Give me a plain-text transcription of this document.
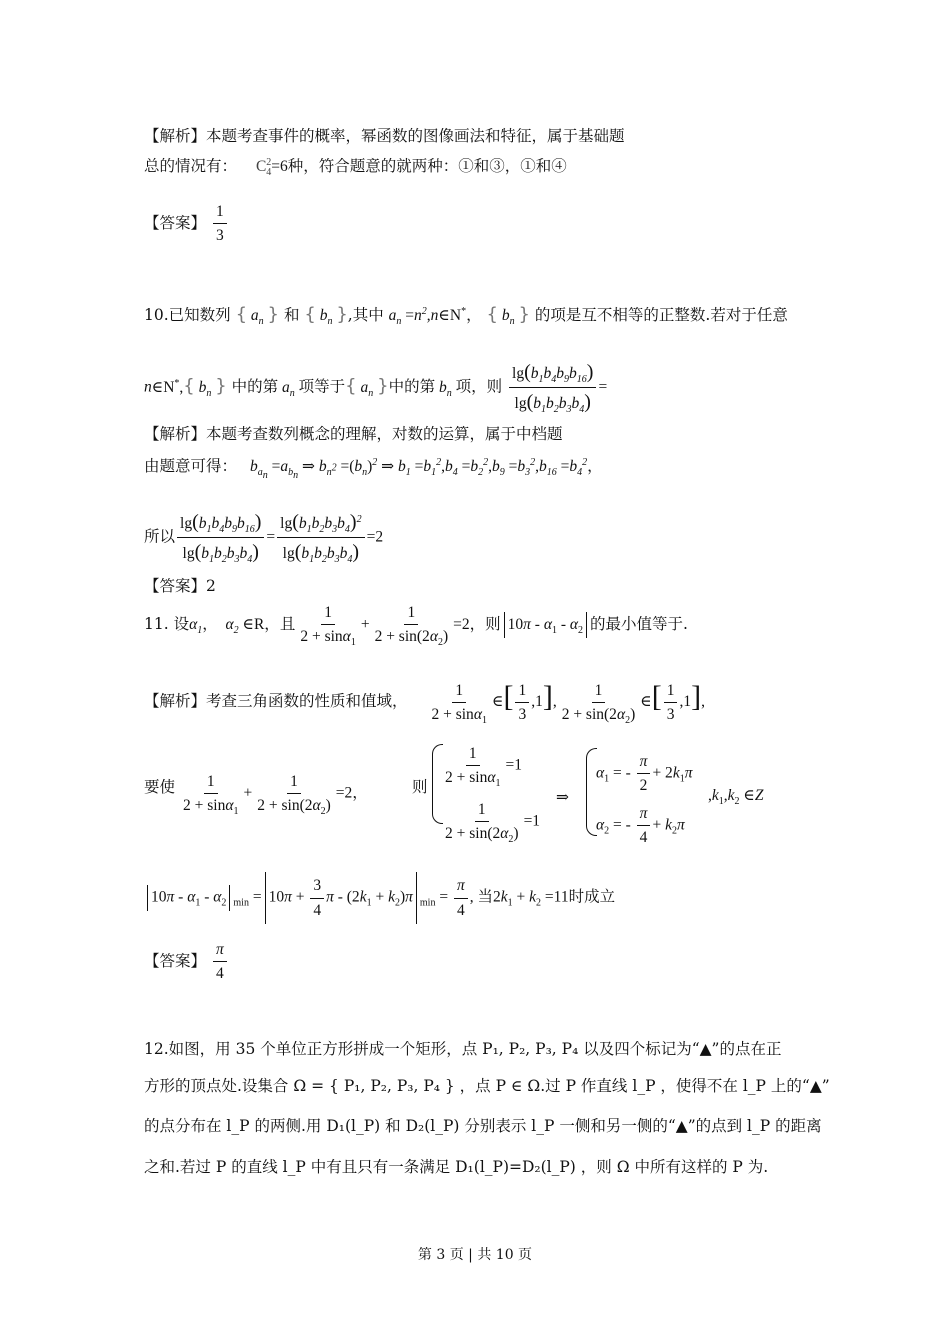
【解析】本题考查事件的概率，幂函数的图像画法和特征，属于基础题
总的情况有： $C^2_4=6$种，符合题意的就两种：①和③，①和④
【答案】 $\frac{1}{3}$
10.已知数列 { $a_n$ } 和 { $b_n$ },其中 $a_n$ $=n^2,n\in N^*$， { $b_n$ } 的项是互不相等的正整数.若对于任意
n∈N*,{ $b_n$ } 中的第 $a_n$ 项等于{ $a_n$ }中的第 $b_n$ 项，则 $\frac{\lg(b_1b_4b_9b_{16})}{\lg(b_1b_2b_3b_4)}$ =
【解析】本题考查数列概念的理解，对数的运算，属于中档题
由题意可得： $b_{a_n} =a_{b_n}$ ⇒ $b_{n^2} =(b_n)^2$ ⇒ $b_1 =b_1^2,b_4 =b_2^2,b_9 =b_3^2,b_{16} =b_4^2$，
所以 $\frac{\lg(b_1b_4b_9b_{16})}{\lg(b_1b_2b_3b_4)} = \frac{\lg(b_1b_2b_3b_4)^2}{\lg(b_1b_2b_3b_4)} =2$
【答案】2
11. 设$\alpha_1$，  $\alpha_2$ ∈R，且 $\frac{1}{2 + \sin\alpha_1} + \frac{1}{2 + \sin(2\alpha_2)} =2$，则 $10\pi - \alpha_1 - \alpha_2$ 的最小值等于.
【解析】考查三角函数的性质和值域， $\frac{1}{2 + \sin\alpha_1}$ ∈[ $\frac{1}{3} ,1$], $\frac{1}{2 + \sin(2\alpha_2)}$ ∈[ $\frac{1}{3} ,1$],
要使 $\frac{1}{2 + \sin\alpha_1} + \frac{1}{2 + \sin(2\alpha_2)} =2$，	则 $\frac{1}{2 + \sin\alpha_1} =1$
$\frac{1}{2 + \sin(2\alpha_2)} =1$
⇒
$\alpha_1$ = - $\frac{\pi}{2} + 2k_1\pi$
$\alpha_2$ = - $\frac{\pi}{4} + k_2\pi$
$,k_1,k_2$ ∈Z
$10\pi - \alpha_1 - \alpha_2$ $_{min} = 10\pi + \frac{3}{4}$ $\pi - (2k_1 + k_2)\pi$ $_{min} = \frac{\pi}{4}$ , 当$2k_1 + k_2 =11$时成立
【答案】 $\frac{\pi}{4}$
12.如图，用 35 个单位正方形拼成一个矩形，点 P₁, P₂, P₃, P₄ 以及四个标记为“▲”的点在正
方形的顶点处.设集合 Ω = { P₁, P₂, P₃, P₄ } ，点 P ∈ Ω.过 P 作直线 l_P ，使得不在 l_P 上的“▲”
的点分布在 l_P 的两侧.用 D₁(l_P) 和 D₂(l_P) 分别表示 l_P 一侧和另一侧的“▲”的点到 l_P 的距离
之和.若过 P 的直线 l_P 中有且只有一条满足 D₁(l_P)=D₂(l_P) ，则 Ω 中所有这样的 P 为.
第 3 页 | 共 10 页
